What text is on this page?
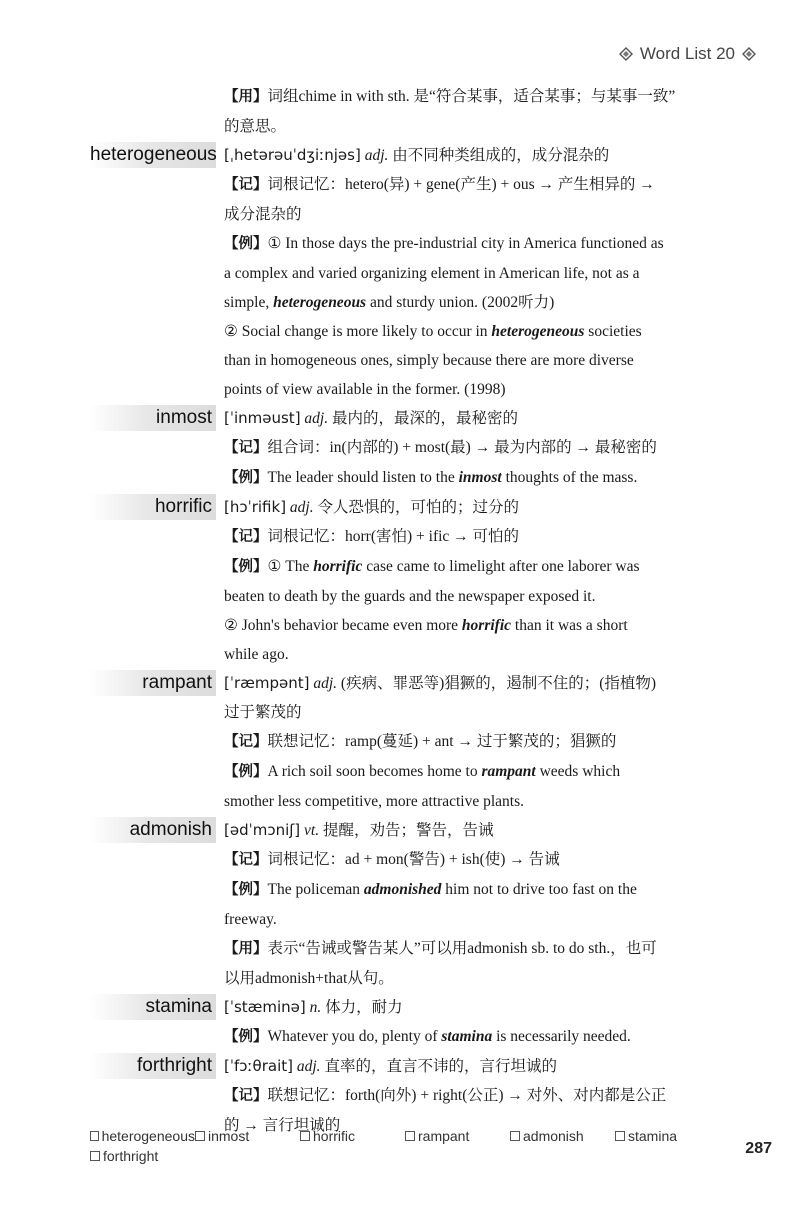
Word List 20
【用】词组chime in with sth. 是“符合某事，适合某事；与某事一致”
的意思。
heterogeneous [ˌhetərəuˈdʒiːnjəs] adj. 由不同种类组成的，成分混杂的
【记】词根记忆：hetero(异) + gene(产生) + ous → 产生相异的 →
成分混杂的
【例】① In those days the pre-industrial city in America functioned as
a complex and varied organizing element in American life, not as a
simple, heterogeneous and sturdy union. (2002听力)
② Social change is more likely to occur in heterogeneous societies
than in homogeneous ones, simply because there are more diverse
points of view available in the former. (1998)
inmost [ˈinməust] adj. 最内的，最深的，最秘密的
【记】组合词：in(内部的) + most(最) → 最为内部的 → 最秘密的
【例】The leader should listen to the inmost thoughts of the mass.
horrific [hɔˈrifik] adj. 令人恐惧的，可怕的；过分的
【记】词根记忆：horr(害怕) + ific → 可怕的
【例】① The horrific case came to limelight after one laborer was
beaten to death by the guards and the newspaper exposed it.
② John's behavior became even more horrific than it was a short
while ago.
rampant [ˈræmpənt] adj. (疾病、罪恶等)猖獗的，遏制不住的；(指植物)
过于繁茂的
【记】联想记忆：ramp(蔓延) + ant → 过于繁茂的；猖獗的
【例】A rich soil soon becomes home to rampant weeds which
smother less competitive, more attractive plants.
admonish [ədˈmɔniʃ] vt. 提醒，劝告；警告，告诫
【记】词根记忆：ad + mon(警告) + ish(使) → 告诫
【例】The policeman admonished him not to drive too fast on the
freeway.
【用】表示“告诫或警告某人”可以用admonish sb. to do sth.，也可
以用admonish+that从句。
stamina [ˈstæminə] n. 体力，耐力
【例】Whatever you do, plenty of stamina is necessarily needed.
forthright [ˈfɔːθrait] adj. 直率的，直言不讳的，言行坦诚的
【记】联想记忆：forth(向外) + right(公正) → 对外、对内都是公正
的 → 言行坦诚的
heterogeneous inmost	horrific	rampant	admonish	stamina
forthright	287
